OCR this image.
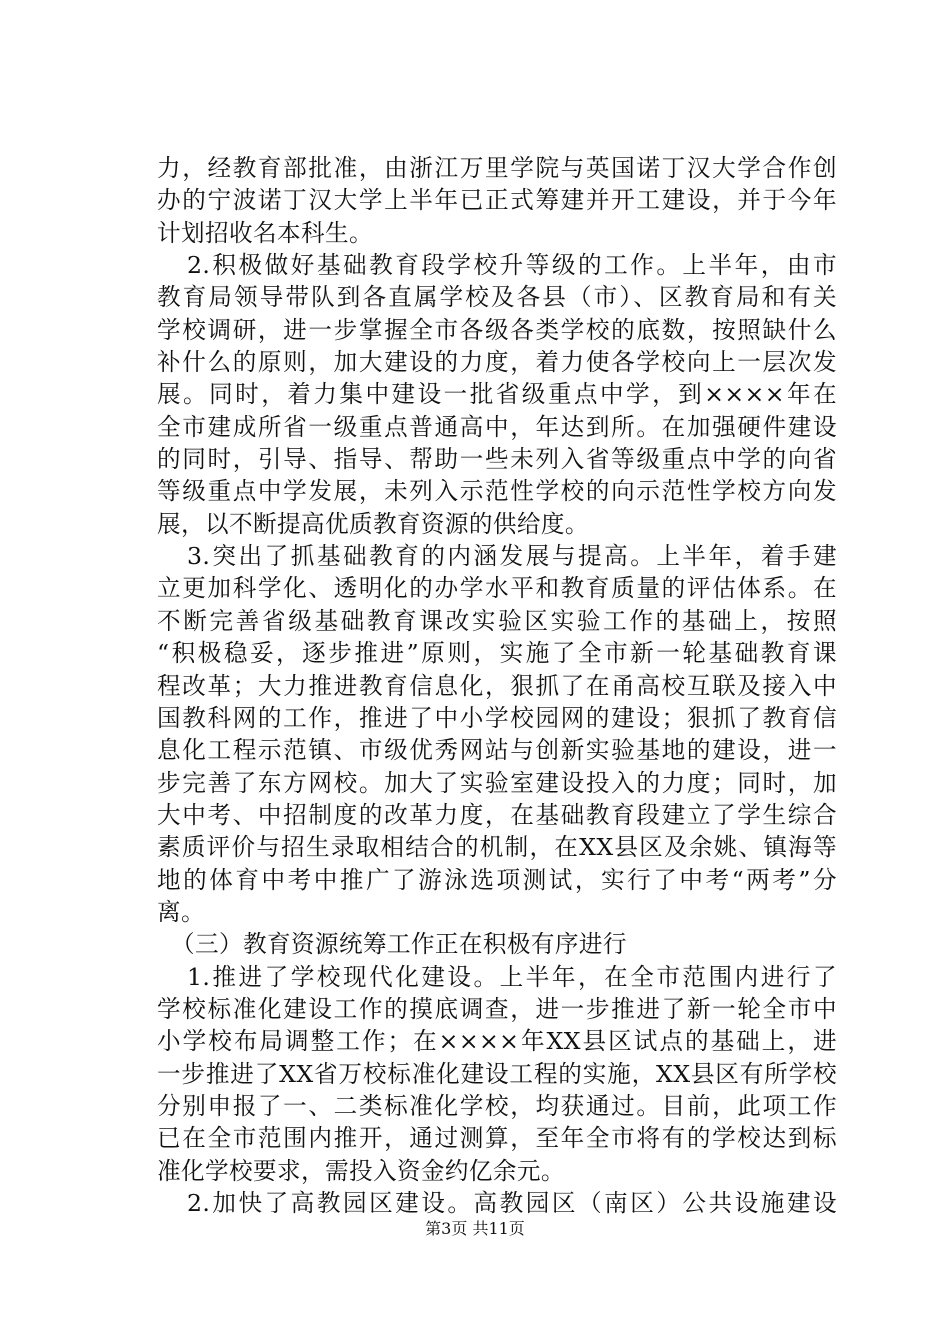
力，经教育部批准，由浙江万里学院与英国诺丁汉大学合作创
办的宁波诺丁汉大学上半年已正式筹建并开工建设，并于今年
计划招收名本科生。
2.积极做好基础教育段学校升等级的工作。上半年，由市
教育局领导带队到各直属学校及各县（市）、区教育局和有关
学校调研，进一步掌握全市各级各类学校的底数，按照缺什么
补什么的原则，加大建设的力度，着力使各学校向上一层次发
展。同时，着力集中建设一批省级重点中学，到××××年在
全市建成所省一级重点普通高中，年达到所。在加强硬件建设
的同时，引导、指导、帮助一些未列入省等级重点中学的向省
等级重点中学发展，未列入示范性学校的向示范性学校方向发
展，以不断提高优质教育资源的供给度。
3.突出了抓基础教育的内涵发展与提高。上半年，着手建
立更加科学化、透明化的办学水平和教育质量的评估体系。在
不断完善省级基础教育课改实验区实验工作的基础上，按照
“积极稳妥，逐步推进”原则，实施了全市新一轮基础教育课
程改革；大力推进教育信息化，狠抓了在甬高校互联及接入中
国教科网的工作，推进了中小学校园网的建设；狠抓了教育信
息化工程示范镇、市级优秀网站与创新实验基地的建设，进一
步完善了东方网校。加大了实验室建设投入的力度；同时，加
大中考、中招制度的改革力度，在基础教育段建立了学生综合
素质评价与招生录取相结合的机制，在XX县区及余姚、镇海等
地的体育中考中推广了游泳选项测试，实行了中考“两考”分
离。
（三）教育资源统筹工作正在积极有序进行
1.推进了学校现代化建设。上半年，在全市范围内进行了
学校标准化建设工作的摸底调查，进一步推进了新一轮全市中
小学校布局调整工作；在××××年XX县区试点的基础上，进
一步推进了XX省万校标准化建设工程的实施，XX县区有所学校
分别申报了一、二类标准化学校，均获通过。目前，此项工作
已在全市范围内推开，通过测算，至年全市将有的学校达到标
准化学校要求，需投入资金约亿余元。
2.加快了高教园区建设。高教园区（南区）公共设施建设
第3页 共11页
